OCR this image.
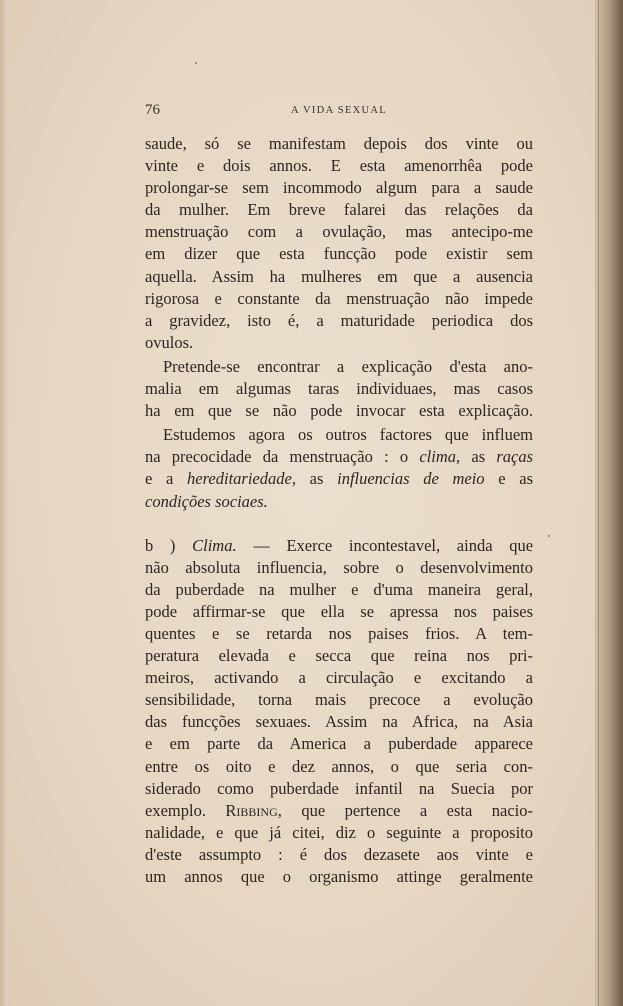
76	A VIDA SEXUAL
saude, só se manifestam depois dos vinte ou
vinte e dois annos. E esta amenorrhêa pode
prolongar-se sem incommodo algum para a saude
da mulher. Em breve falarei das relações da
menstruação com a ovulação, mas antecipo-me
em dizer que esta funcção pode existir sem
aquella. Assim ha mulheres em que a ausencia
rigorosa e constante da menstruação não impede
a gravidez, isto é, a maturidade periodica dos
ovulos.
Pretende-se encontrar a explicação d'esta ano-
malia em algumas taras individuaes, mas casos
ha em que se não pode invocar esta explicação.
Estudemos agora os outros factores que influem
na precocidade da menstruação : o clima, as raças
e a hereditariedade, as influencias de meio e as
condições sociaes.
b ) Clima. — Exerce incontestavel, ainda que
não absoluta influencia, sobre o desenvolvimento
da puberdade na mulher e d'uma maneira geral,
pode affirmar-se que ella se apressa nos paises
quentes e se retarda nos paises frios. A tem-
peratura elevada e secca que reina nos pri-
meiros, activando a circulação e excitando a
sensibilidade, torna mais precoce a evolução
das funcções sexuaes. Assim na Africa, na Asia
e em parte da America a puberdade apparece
entre os oito e dez annos, o que seria con-
siderado como puberdade infantil na Suecia por
exemplo. Ribbing, que pertence a esta nacio-
nalidade, e que já citei, diz o seguinte a proposito
d'este assumpto : é dos dezasete aos vinte e
um annos que o organismo attinge geralmente
